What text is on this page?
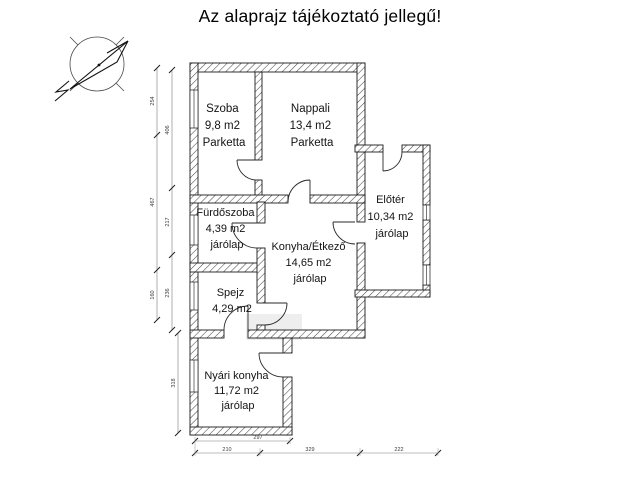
Az alaprajz tájékoztató jellegű!
Szoba 9,8 m2 Parketta
Nappali 13,4 m2 Parketta
Előtér 10,34 m2 járólap
Fürdőszoba 4,39 m2 járólap	Konyha/Étkező 14,65 m2 járólap
Spejz 4,29 m2
Nyári konyha 11,72 m2 járólap
254
467
160
406
217
236
318
297
210	329	222
